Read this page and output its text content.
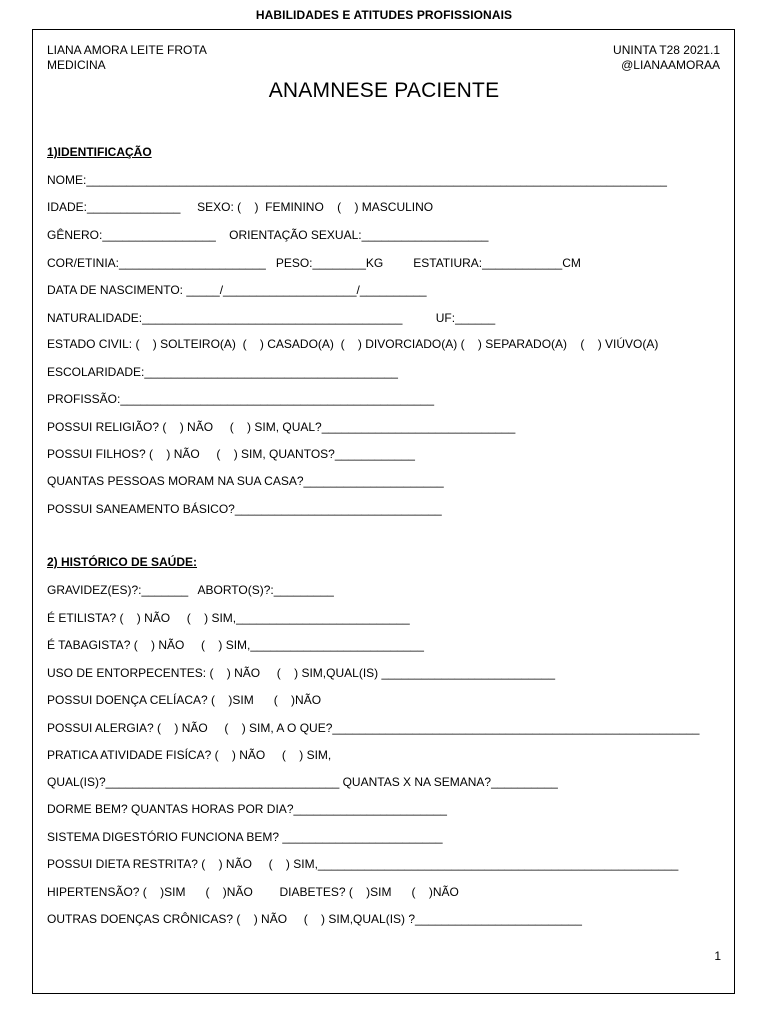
HABILIDADES E ATITUDES PROFISSIONAIS
LIANA AMORA LEITE FROTA
MEDICINA
UNINTA T28 2021.1
@LIANAAMORAA
ANAMNESE PACIENTE
1)IDENTIFICAÇÃO
NOME:_______________________________________________________________________________________
IDADE:______________     SEXO: (    )  FEMININO    (    ) MASCULINO
GÊNERO:_________________    ORIENTAÇÃO SEXUAL:___________________
COR/ETINIA:______________________   PESO:________KG         ESTATIURA:____________CM
DATA DE NASCIMENTO: _____/____________________/__________
NATURALIDADE:_______________________________________          UF:______
ESTADO CIVIL: (    ) SOLTEIRO(A)  (    ) CASADO(A)  (    ) DIVORCIADO(A) (    ) SEPARADO(A)    (    ) VIÚVO(A)
ESCOLARIDADE:______________________________________
PROFISSÃO:_______________________________________________
POSSUI RELIGIÃO? (    ) NÃO     (    ) SIM, QUAL?_____________________________
POSSUI FILHOS? (    ) NÃO     (    ) SIM, QUANTOS?____________
QUANTAS PESSOAS MORAM NA SUA CASA?_____________________
POSSUI SANEAMENTO BÁSICO?_______________________________
2) HISTÓRICO DE SAÚDE:
GRAVIDEZ(ES)?:_______   ABORTO(S)?:_________
É ETILISTA? (    ) NÃO     (    ) SIM,__________________________
É TABAGISTA? (    ) NÃO     (    ) SIM,__________________________
USO DE ENTORPECENTES: (    ) NÃO     (    ) SIM,QUAL(IS) __________________________
POSSUI DOENÇA CELÍACA? (    )SIM      (    )NÃO
POSSUI ALERGIA? (    ) NÃO     (    ) SIM, A O QUE?_______________________________________________________
PRATICA ATIVIDADE FISÍCA? (    ) NÃO     (    ) SIM,
QUAL(IS)?___________________________________ QUANTAS X NA SEMANA?__________
DORME BEM? QUANTAS HORAS POR DIA?_______________________
SISTEMA DIGESTÓRIO FUNCIONA BEM? ________________________
POSSUI DIETA RESTRITA? (    ) NÃO     (    ) SIM,______________________________________________________
HIPERTENSÃO? (    )SIM      (    )NÃO        DIABETES? (    )SIM      (    )NÃO
OUTRAS DOENÇAS CRÔNICAS? (    ) NÃO     (    ) SIM,QUAL(IS) ?_________________________
1
